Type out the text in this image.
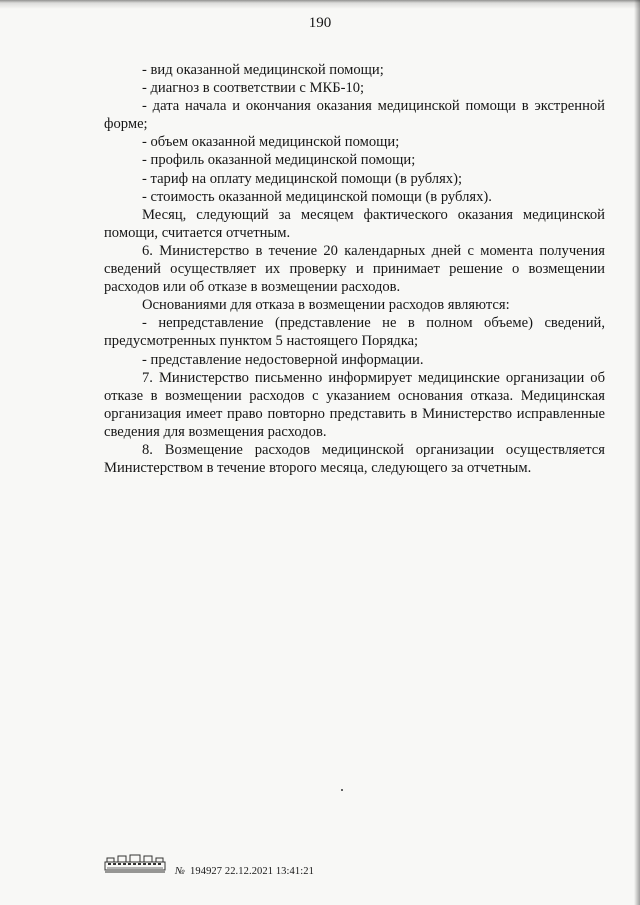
190

- вид оказанной медицинской помощи;

- диагноз в соответствии с МКБ-10;

- дата начала и окончания оказания медицинской помощи в экстренной форме;

- объем оказанной медицинской помощи;

- профиль оказанной медицинской помощи;

- тариф на оплату медицинской помощи (в рублях);

- стоимость оказанной медицинской помощи (в рублях).

Месяц, следующий за месяцем фактического оказания медицинской помощи, считается отчетным.

6. Министерство в течение 20 календарных дней с момента получения сведений осуществляет их проверку и принимает решение о возмещении расходов или об отказе в возмещении расходов.

Основаниями для отказа в возмещении расходов являются:

- непредставление (представление не в полном объеме) сведений, предусмотренных пунктом 5 настоящего Порядка;

- представление недостоверной информации.

7. Министерство письменно информирует медицинские организации об отказе в возмещении расходов с указанием основания отказа. Медицинская организация имеет право повторно представить в Министерство исправленные сведения для возмещения расходов.

8. Возмещение расходов медицинской организации осуществляется Министерством в течение второго месяца, следующего за отчетным.

№ 194927 22.12.2021 13:41:21
